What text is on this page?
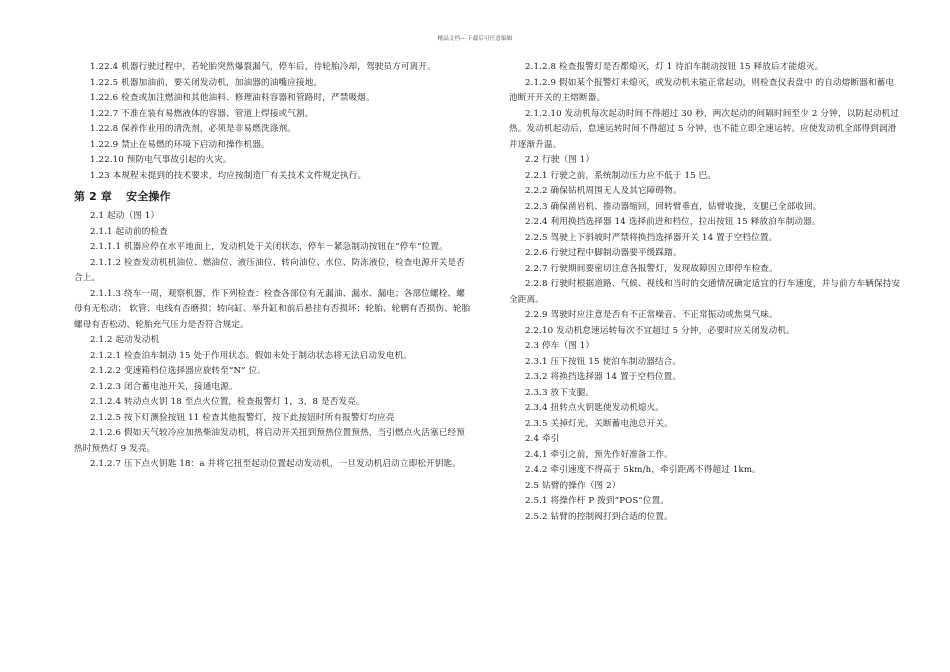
精品文档---下载后可任意编辑

1.22.4 机器行驶过程中，若轮胎突然爆裂漏气，停车后，待轮胎冷却，驾驶员方可离开。

1.22.5 机器加油前，要关闭发动机，加油器的油嘴应接地。

1.22.6 检查或加注燃油和其他油料、修理油料容器和管路时，严禁吸烟。

1.22.7 不准在装有易燃液体的容器、管道上焊接或气割。

1.22.8 保养作业用的清洗剂，必须是非易燃洗涤剂。

1.22.9 禁止在易燃的环境下启动和操作机器。

1.22.10 预防电气事故引起的火灾。

1.23 本规程未提到的技术要求，均应按制造厂有关技术文件规定执行。

第 2 章 安全操作

2.1 起动（图 1）

2.1.1 起动前的检查

2.1.1.1 机器应停在水平地面上，发动机处于关闭状态，停车－紧急制动按钮在“停车”位置。

2.1.1.2 检查发动机机油位、燃油位、液压油位、转向油位、水位、防冻液位，检查电源开关是否合上。

2.1.1.3 绕车一周，观察机器，作下列检查：检查各部位有无漏油、漏水、漏电；各部位螺栓、螺母有无松动； 软管、电线有否磨损；转向缸、举升缸和前后悬挂有否损坏；轮胎、轮辋有否损伤、轮胎螺母有否松动、轮胎充气压力是否符合规定。

2.1.2 起动发动机

2.1.2.1 检查泊车制动 15 处于作用状态。假如未处于制动状态将无法启动发电机。

2.1.2.2 变速箱档位选择器应旋转至“N” 位。

2.1.2.3 闭合蓄电池开关，接通电源。

2.1.2.4 转动点火钥 18 至点火位置，检查报警灯 1，3，8 是否发亮。

2.1.2.5 按下灯测验按钮 11 检查其他报警灯，按下此按钮时所有报警灯均应亮

2.1.2.6 假如天气较冷应加热柴油发动机，将启动开关扭到预热位置预热，当引燃点火活塞已经预热时预热灯 9 发亮。

2.1.2.7 压下点火钥匙 18：a 并将它扭至起动位置起动发动机，一旦发动机启动立即松开钥匙。

2.1.2.8 检查报警灯是否都熄灭，灯 1 待泊车制动按钮 15 释放后才能熄灭。

2.1.2.9 假如某个报警灯未熄灭，或发动机未能正常起动，则检查仪表盘中 的自动熔断器和蓄电池断开开关的主熔断器。

2.1.2.10 发动机每次起动时间不得超过 30 秒，两次起动的间隔时间至少 2 分钟，以防起动机过热。发动机起动后，怠速运转时间不得超过 5 分钟，也不能立即全速运转。应使发动机全部得到润滑并逐渐升温。

2.2 行驶（图 1）

2.2.1 行驶之前，系统制动压力应不低于 15 巴。

2.2.2 确保钻机周围无人及其它障碍物。

2.2.3 确保凿岩机、推动器缩回，回转臂垂直，钻臂收拢，支腿已全部收回。

2.2.4 利用换挡选择器 14 选择前进和档位，拉出按钮 15 释放泊车制动器。

2.2.5 驾驶上下斜坡时严禁将换挡选择器开关 14 置于空档位置。

2.2.6 行驶过程中脚制动器要平缓踩踏。

2.2.7 行驶期间要密切注意各报警灯，发现故障因立即停车检查。

2.2.8 行驶时根据道路、气候、视线和当时的交通情况确定适宜的行车速度，并与前方车辆保持安全距离。

2.2.9 驾驶时应注意是否有不正常噪音、不正常振动或焦臭气味。

2.2.10 发动机怠速运转每次不宜超过 5 分钟，必要时应关闭发动机。

2.3 停车（图 1）

2.3.1 压下按钮 15 使泊车制动器结合。

2.3.2 将换挡选择器 14 置于空档位置。

2.3.3 放下支腿。

2.3.4 扭转点火钥匙使发动机熄火。

2.3.5 关掉灯光，关断蓄电池总开关。

2.4 牵引

2.4.1 牵引之前，预先作好准备工作。

2.4.2 牵引速度不得高于 5km/h，牵引距离不得超过 1km。

2.5 钻臂的操作（图 2）

2.5.1 将操作杆 P 拨到“POS”位置。

2.5.2 钻臂的控制阀打到合适的位置。
